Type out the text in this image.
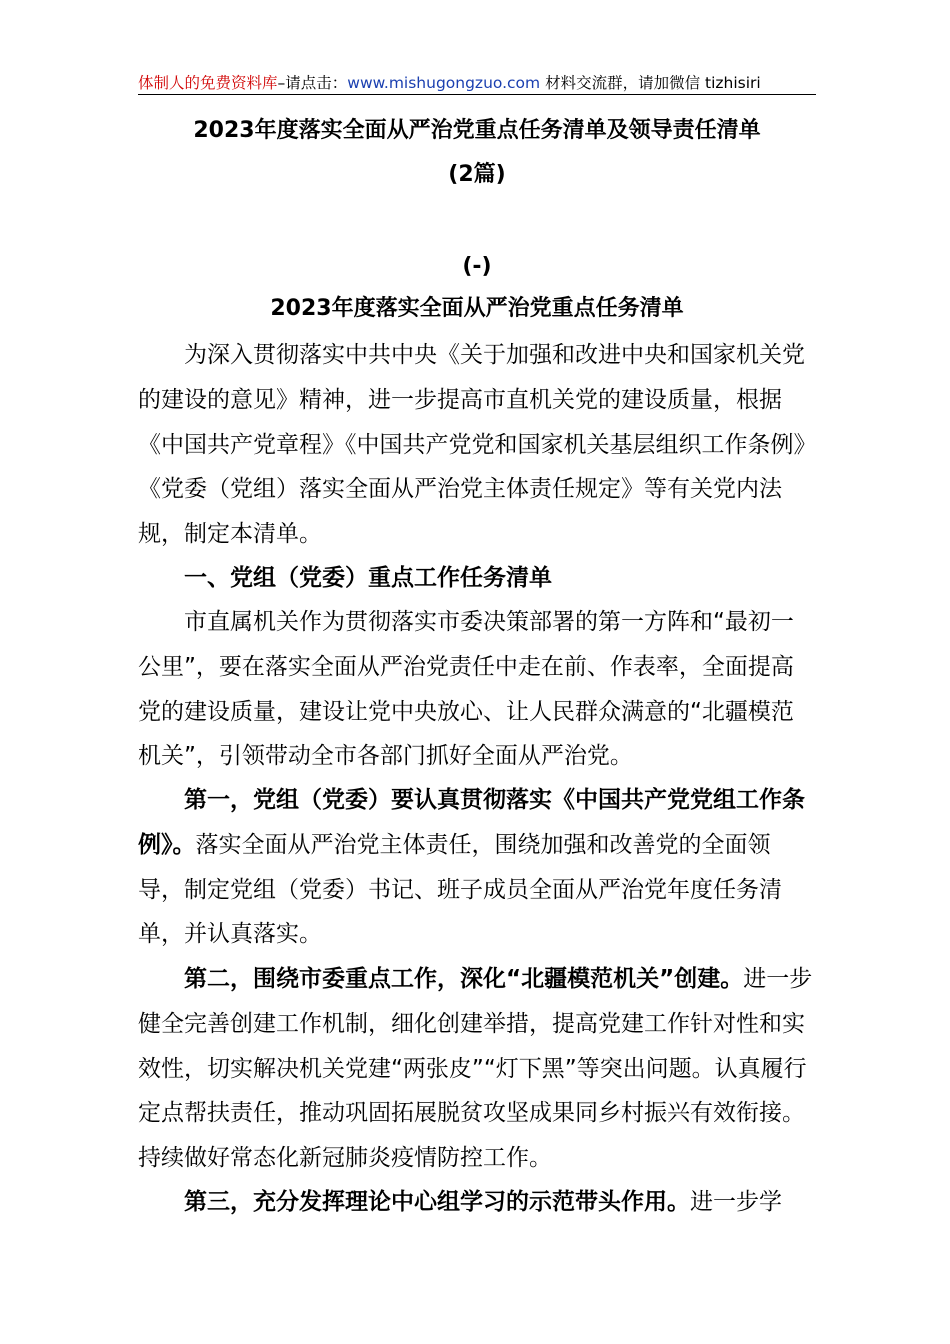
体制人的免费资料库–请点击：www.mishugongzuo.com 材料交流群，请加微信 tizhisiri
2023年度落实全面从严治党重点任务清单及领导责任清单
(2篇)
(-)
2023年度落实全面从严治党重点任务清单

为深入贯彻落实中共中央《关于加强和改进中央和国家机关党的建设的意见》精神，进一步提高市直机关党的建设质量，根据《中国共产党章程》《中国共产党党和国家机关基层组织工作条例》《党委（党组）落实全面从严治党主体责任规定》等有关党内法规，制定本清单。

一、党组（党委）重点工作任务清单

市直属机关作为贯彻落实市委决策部署的第一方阵和“最初一公里”，要在落实全面从严治党责任中走在前、作表率，全面提高党的建设质量，建设让党中央放心、让人民群众满意的“北疆模范机关”，引领带动全市各部门抓好全面从严治党。

第一，党组（党委）要认真贯彻落实《中国共产党党组工作条例》。落实全面从严治党主体责任，围绕加强和改善党的全面领导，制定党组（党委）书记、班子成员全面从严治党年度任务清单，并认真落实。

第二，围绕市委重点工作，深化“北疆模范机关”创建。进一步健全完善创建工作机制，细化创建举措，提高党建工作针对性和实效性，切实解决机关党建“两张皮”“灯下黑”等突出问题。认真履行定点帮扶责任，推动巩固拓展脱贫攻坚成果同乡村振兴有效衔接。持续做好常态化新冠肺炎疫情防控工作。

第三，充分发挥理论中心组学习的示范带头作用。进一步学
